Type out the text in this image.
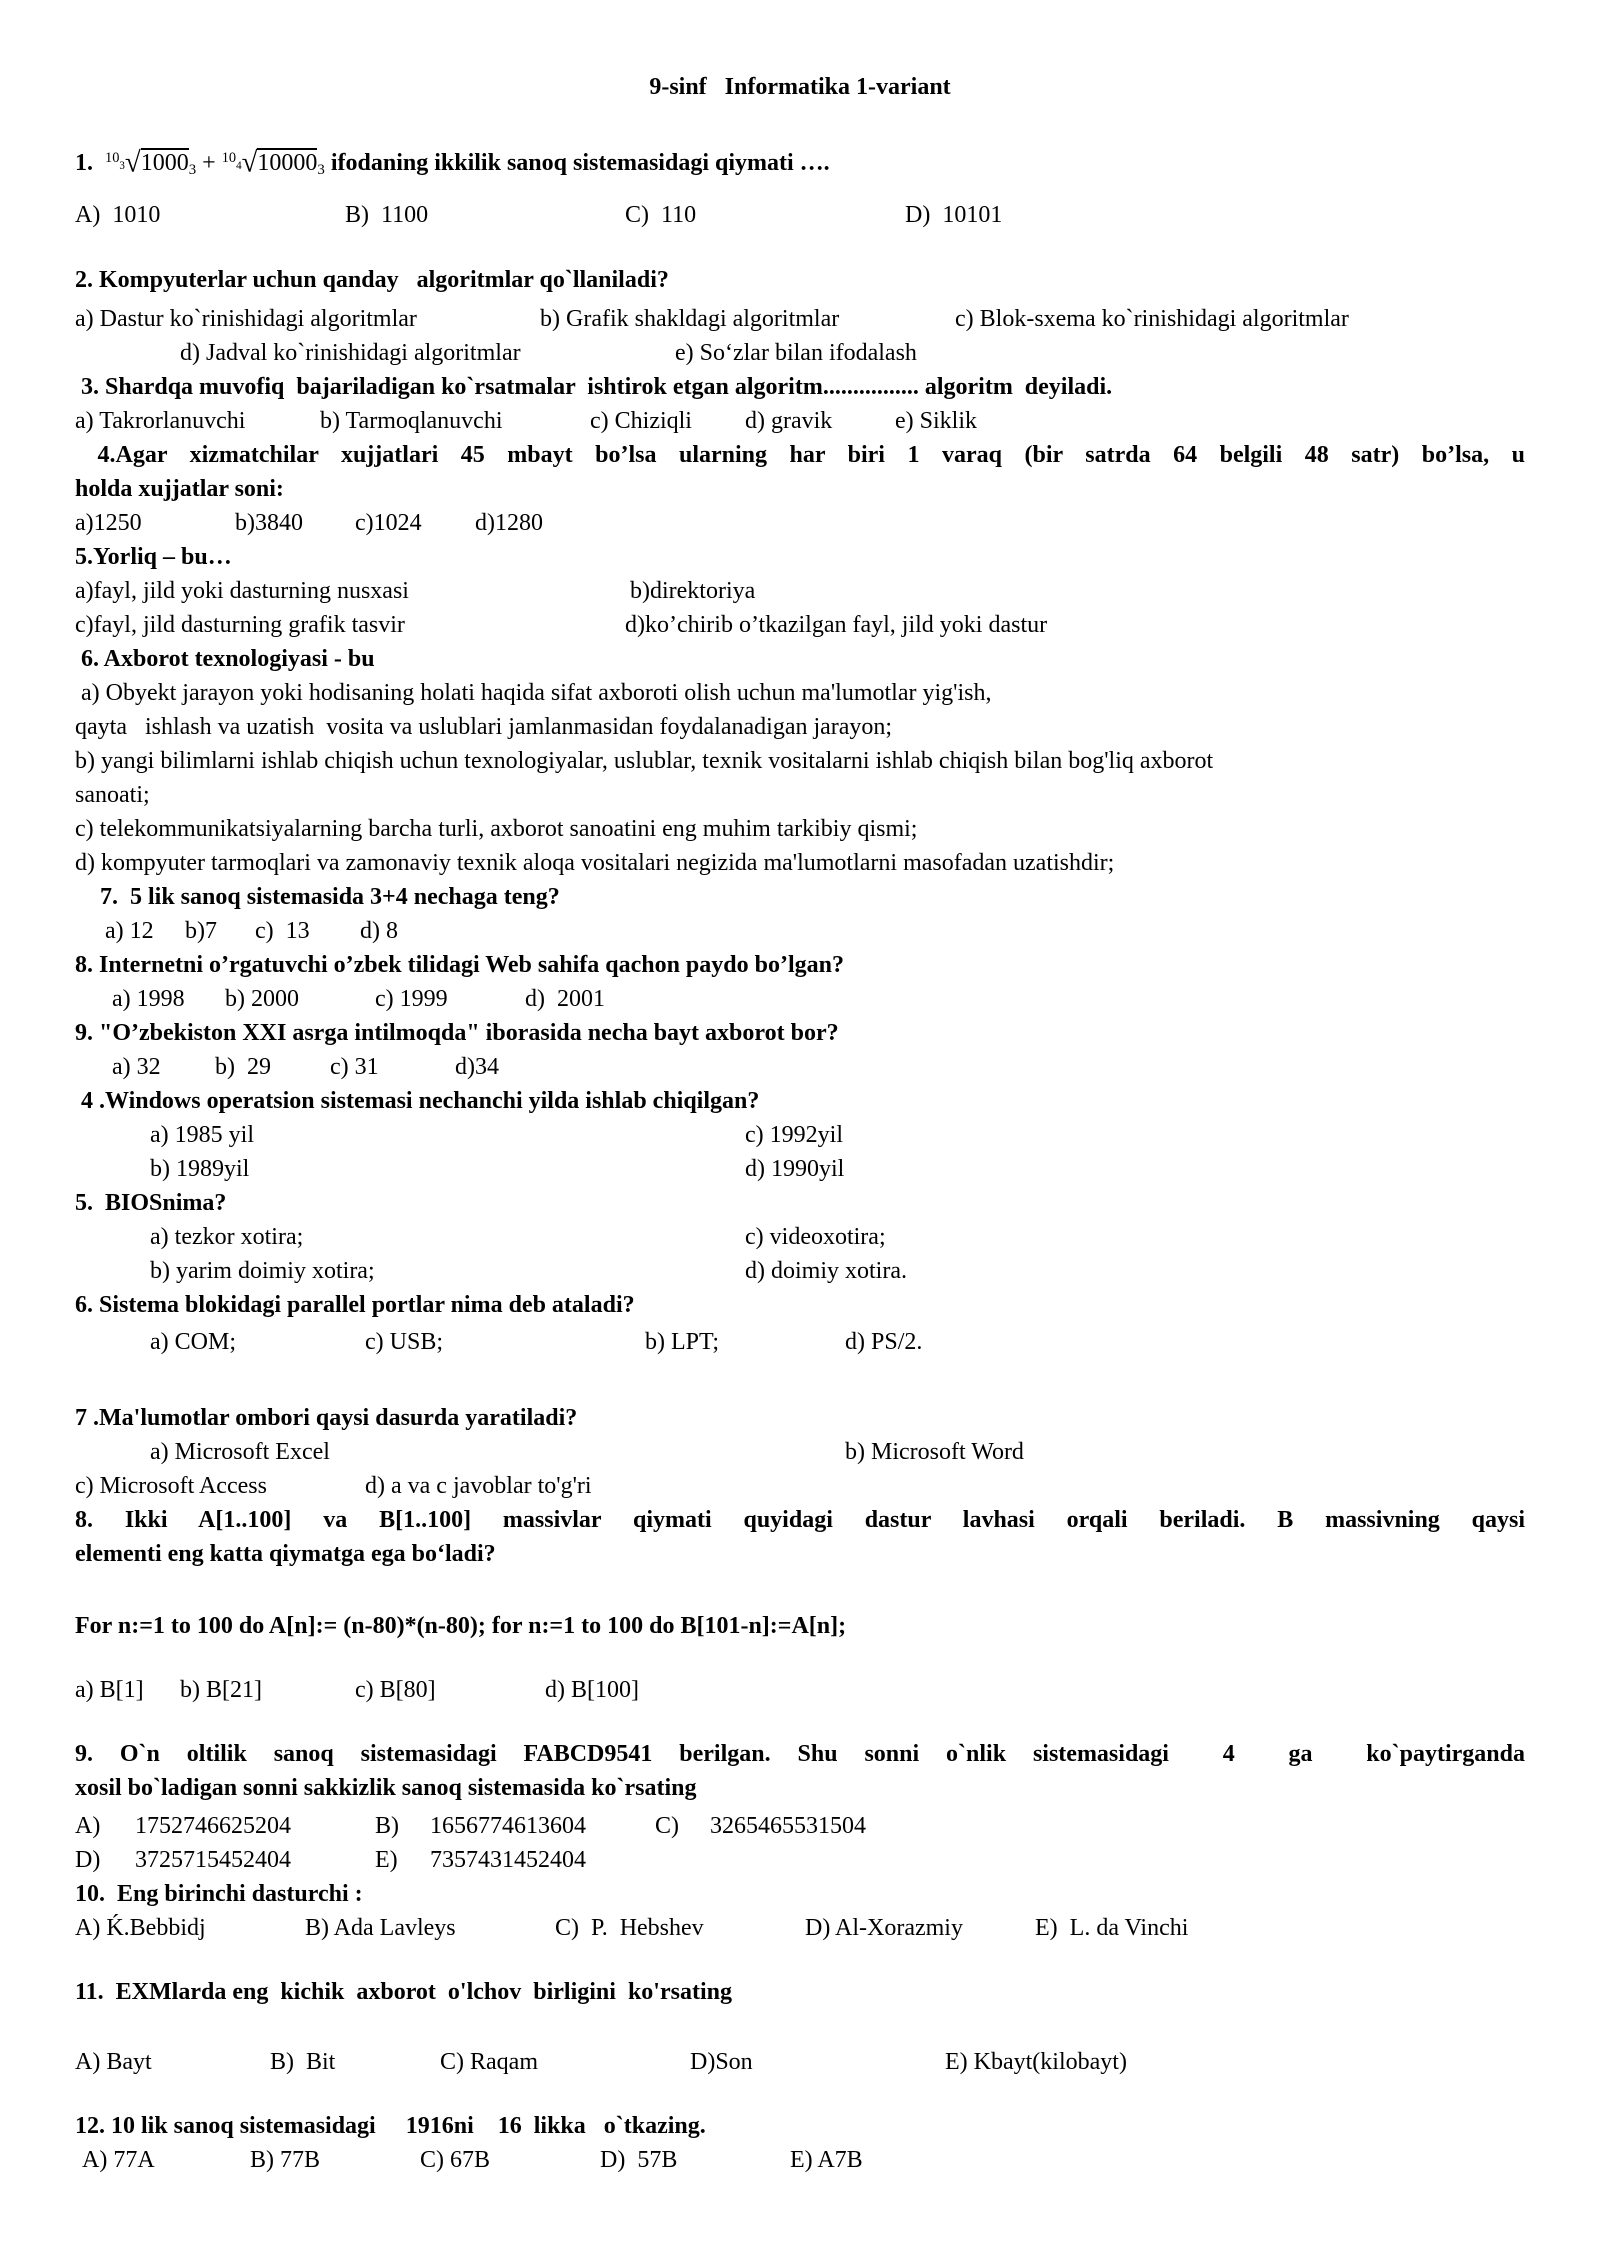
9-sinf   Informatika 1-variant
1.  $^{10}$3√10003 + $^{10}$4√100003 ifodaning ikkilik sanoq sistemasidagi qiymati ….
A)  1010	B)  1100	C)  110	D)  10101
2. Kompyuterlar uchun qanday   algoritmlar qo`llaniladi?
a) Dastur ko`rinishidagi algoritmlar	b) Grafik shakldagi algoritmlar	c) Blok-sxema ko`rinishidagi algoritmlar
d) Jadval ko`rinishidagi algoritmlar	e) So‘zlar bilan ifodalash
3. Shardqa muvofiq  bajariladigan ko`rsatmalar  ishtirok etgan algoritm................ algoritm  deyiladi.
a) Takrorlanuvchi	b) Tarmoqlanuvchi	c) Chiziqli d) gravik	e) Siklik
4.Agar xizmatchilar xujjatlari 45 mbayt bo’lsa ularning har biri 1 varaq (bir satrda 64 belgili 48 satr) bo’lsa, u
holda xujjatlar soni:
a)1250	b)3840 c)1024 d)1280
5.Yorliq – bu…
a)fayl, jild yoki dasturning nusxasi	b)direktoriya
c)fayl, jild dasturning grafik tasvir	d)ko’chirib o’tkazilgan fayl, jild yoki dastur
6. Axborot texnologiyasi - bu
a) Obyekt jarayon yoki hodisaning holati haqida sifat axboroti olish uchun ma'lumotlar yig'ish,
qayta   ishlash va uzatish  vosita va uslublari jamlanmasidan foydalanadigan jarayon;
b) yangi bilimlarni ishlab chiqish uchun texnologiyalar, uslublar, texnik vositalarni ishlab chiqish bilan bog'liq axborot
sanoati;
c) telekommunikatsiyalarning barcha turli, axborot sanoatini eng muhim tarkibiy qismi;
d) kompyuter tarmoqlari va zamonaviy texnik aloqa vositalari negizida ma'lumotlarni masofadan uzatishdir;
7.  5 lik sanoq sistemasida 3+4 nechaga teng?
a) 12 b)7 c)  13 d) 8
8. Internetni o’rgatuvchi o’zbek tilidagi Web sahifa qachon paydo bo’lgan?
a) 1998 b) 2000	c) 1999	d)  2001
9. "O’zbekiston XXI asrga intilmoqda" iborasida necha bayt axborot bor?
a) 32 b)  29 c) 31	d)34
4 .Windows operatsion sistemasi nechanchi yilda ishlab chiqilgan?
a) 1985 yil	c) 1992yil
b) 1989yil	d) 1990yil
5.  BIOSnima?
a) tezkor xotira;	c) videoxotira;
b) yarim doimiy xotira;	d) doimiy xotira.
6. Sistema blokidagi parallel portlar nima deb ataladi?
a) COM;	c) USB;	b) LPT;	d) PS/2.
7 .Ma'lumotlar ombori qaysi dasurda yaratiladi?
a) Microsoft Excel	b) Microsoft Word
c) Microsoft Access	d) a va c javoblar to'g'ri
8. Ikki A[1..100] va B[1..100] massivlar qiymati quyidagi dastur lavhasi orqali beriladi. B massivning qaysi
elementi eng katta qiymatga ega bo‘ladi?
For n:=1 to 100 do A[n]:= (n-80)*(n-80); for n:=1 to 100 do B[101-n]:=A[n];
a) B[1] b) B[21]	c) B[80]	d) B[100]
9. O`n oltilik sanoq sistemasidagi FABCD9541 berilgan. Shu sonni o`nlik sistemasidagi  4  ga  ko`paytirganda
xosil bo`ladigan sonni sakkizlik sanoq sistemasida ko`rsating
A) 1752746625204	B) 1656774613604	C) 3265465531504
D) 3725715452404	E) 7357431452404
10.  Eng birinchi dasturchi :
A) Ḱ.Bebbidj	B) Ada Lavleys	C)  P.  Hebshev	D) Al-Xorazmiy	E)  L. da Vinchi
11.  EXMlarda eng  kichik  axborot  o'lchov  birligini  ko'rsating
A) Bayt	B)  Bit	C) Raqam	D)Son	E) Kbayt(kilobayt)
12. 10 lik sanoq sistemasidagi     1916ni    16  likka   o`tkazing.
A) 77A	B) 77B	C) 67B	D)  57B	E) A7B
